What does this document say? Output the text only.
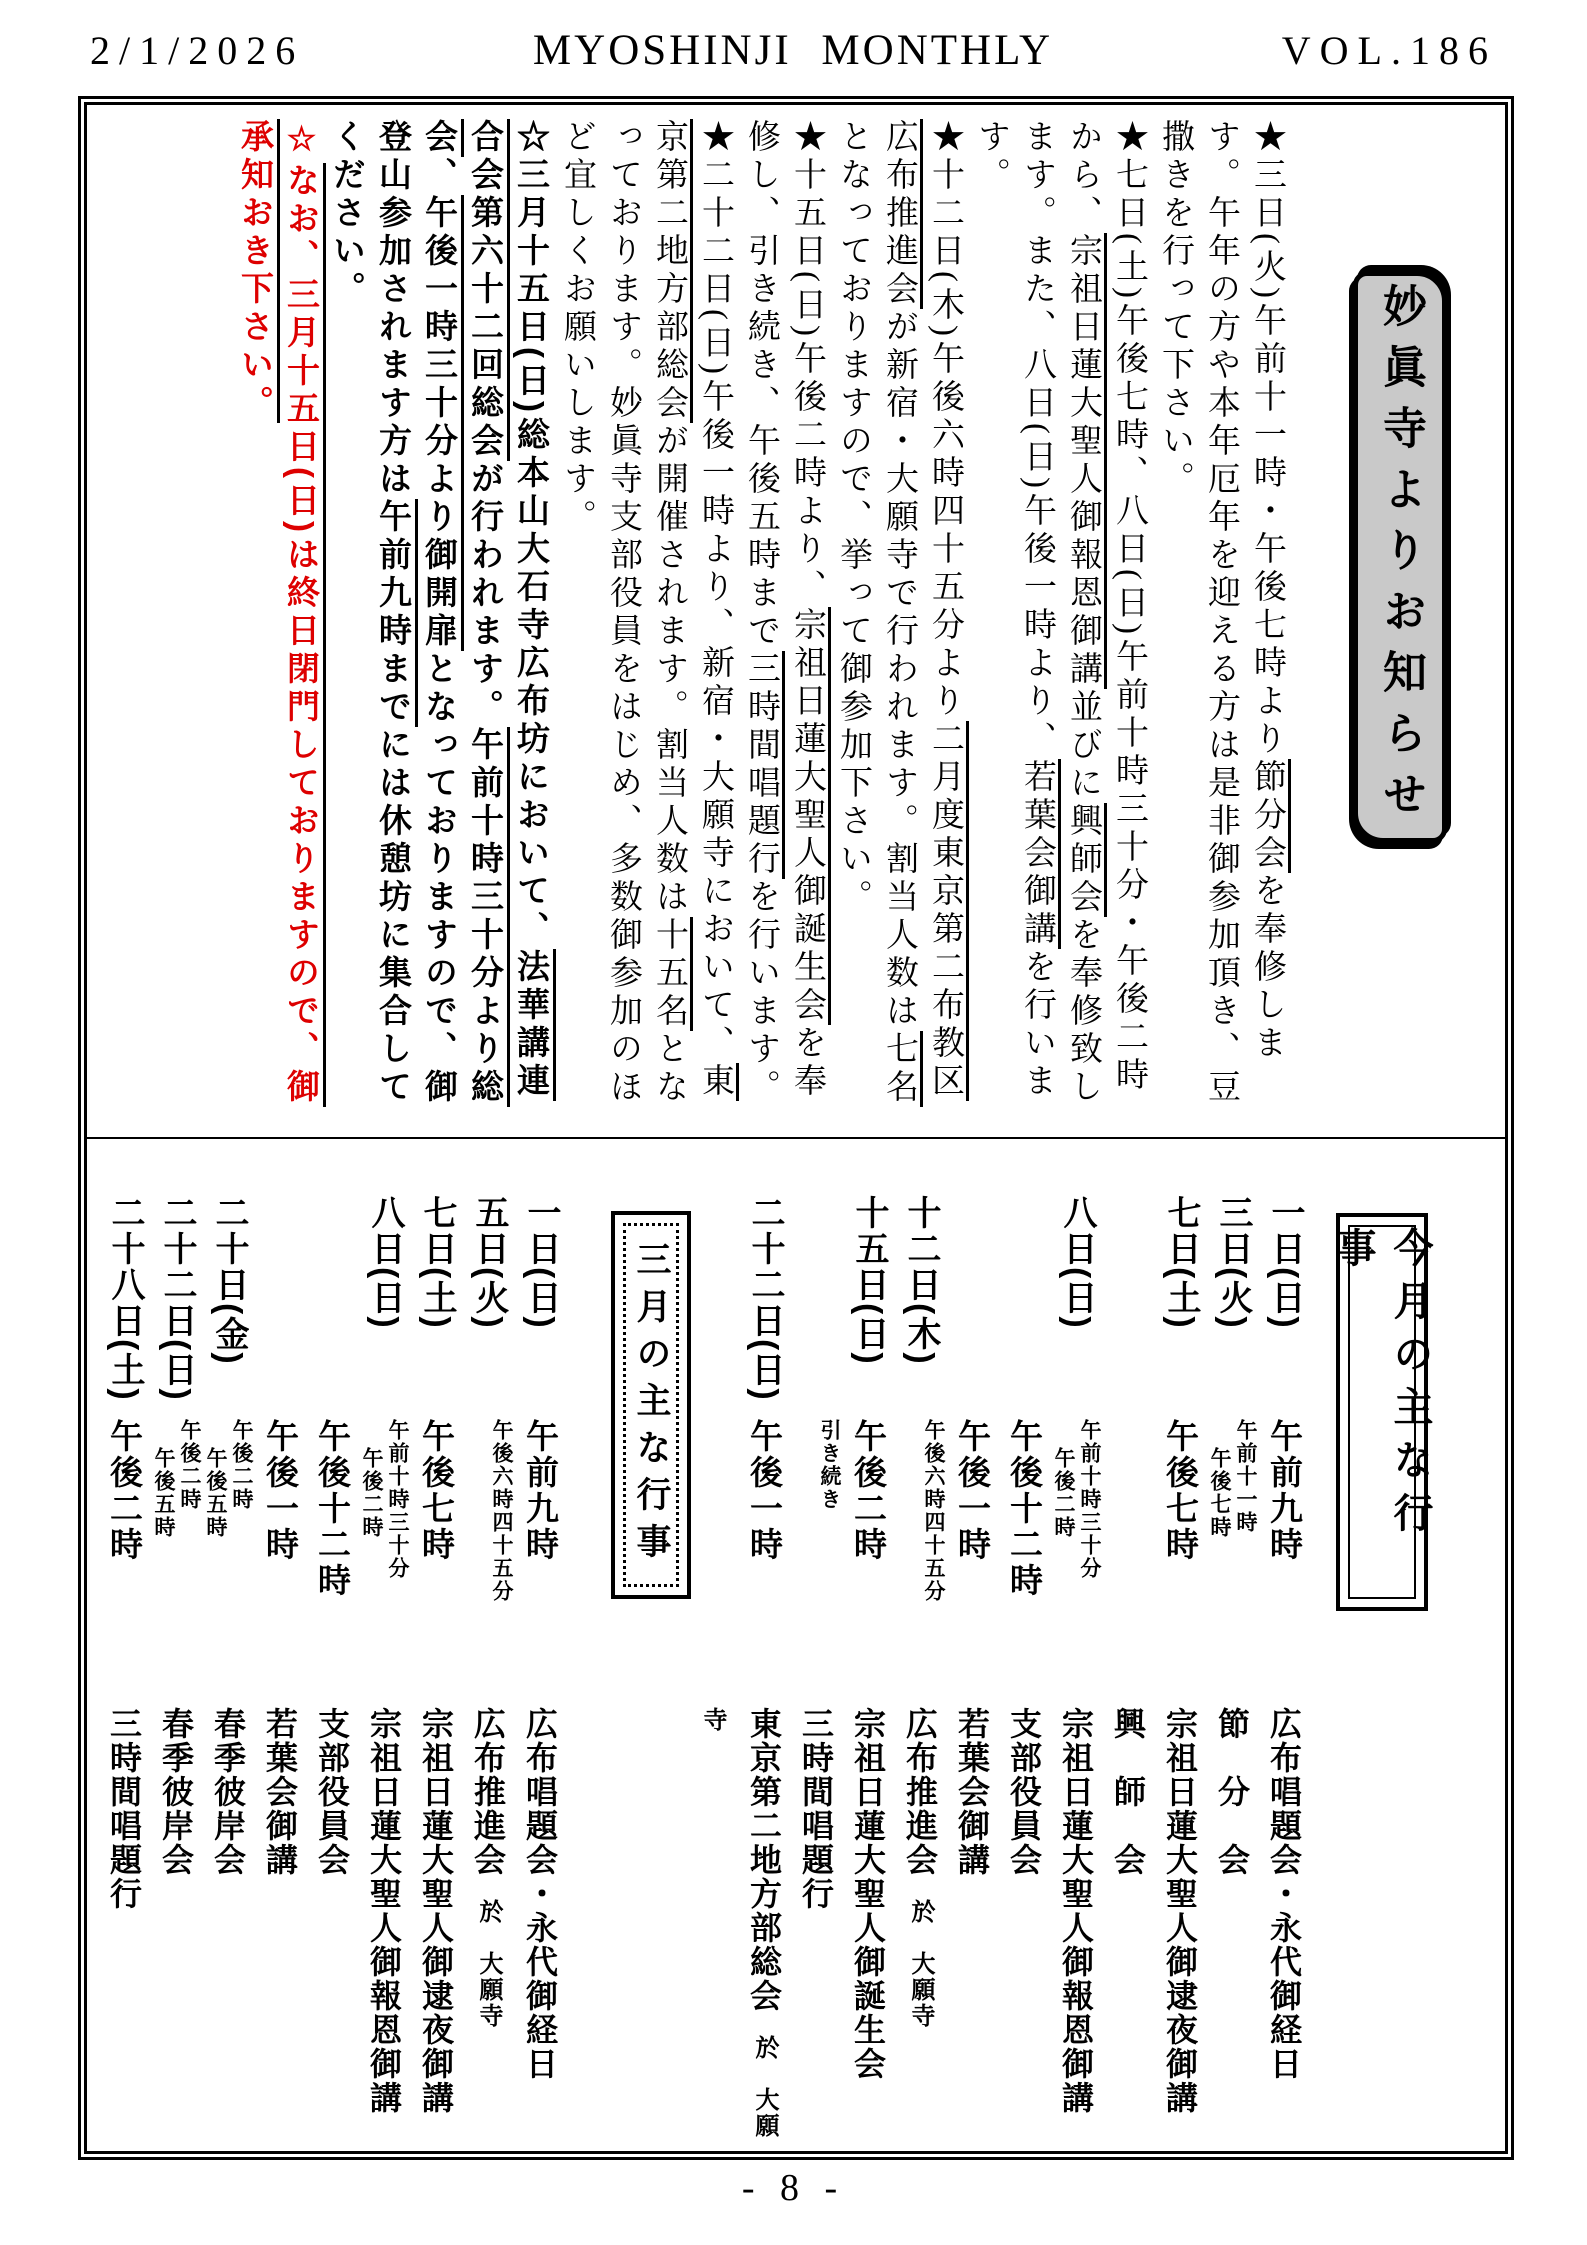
2/1/2026	MYOSHINJI MONTHLY	VOL.186

★三日(火)午前十一時・午後七時より節分会を奉修します。午年の方や本年厄年を迎える方は是非御参加頂き、豆撒きを行って下さい。

★七日(土)午後七時、八日(日)午前十時三十分・午後二時から、宗祖日蓮大聖人御報恩御講並びに興師会を奉修致します。また、八日(日)午後一時より、若葉会御講を行います。

★十二日(木)午後六時四十五分より二月度東京第二布教区広布推進会が新宿・大願寺で行われます。割当人数は七名となっておりますので、挙って御参加下さい。

★十五日(日)午後二時より、宗祖日蓮大聖人御誕生会を奉修し、引き続き、午後五時まで三時間唱題行を行います。

★二十二日(日)午後一時より、新宿・大願寺において、東京第二地方部総会が開催されます。割当人数は十五名となっております。妙眞寺支部役員をはじめ、多数御参加のほど宜しくお願いします。

☆三月十五日(日)総本山大石寺広布坊において、法華講連合会第六十二回総会が行われます。午前十時三十分より総会、午後一時三十分より御開扉となっておりますので、御登山参加されます方は午前九時までには休憩坊に集合してください。

☆なお、三月十五日(日)は終日閉門しておりますので、御承知おき下さい。

妙眞寺よりお知らせ
今月の主な行事
一日(日)
午前九時
広布唱題会・永代御経日
三日(火)
午前十一時
午後七時
節　分　会
七日(土)
午後七時
宗祖日蓮大聖人御逮夜御講
興　師　会
八日(日)
午前十時三十分
午後二時
宗祖日蓮大聖人御報恩御講
午後十二時
支部役員会
午後一時
若葉会御講
十二日(木)
午後六時四十五分
広布推進会於　大願寺
十五日(日)
午後二時
宗祖日蓮大聖人御誕生会
引き続き
三時間唱題行
二十二日(日)
午後一時
東京第二地方部総会於　大願寺
三月の主な行事
一日(日)
午前九時
広布唱題会・永代御経日
五日(火)
午後六時四十五分
広布推進会於　大願寺
七日(土)
午後七時
宗祖日蓮大聖人御逮夜御講
八日(日)
午前十時三十分
午後二時
宗祖日蓮大聖人御報恩御講
午後十二時
支部役員会
午後一時
若葉会御講
二十日(金)
午後二時
午後五時
春季彼岸会
二十二日(日)
午後二時
午後五時
春季彼岸会
二十八日(土)
午後二時
三時間唱題行
- 8 -
